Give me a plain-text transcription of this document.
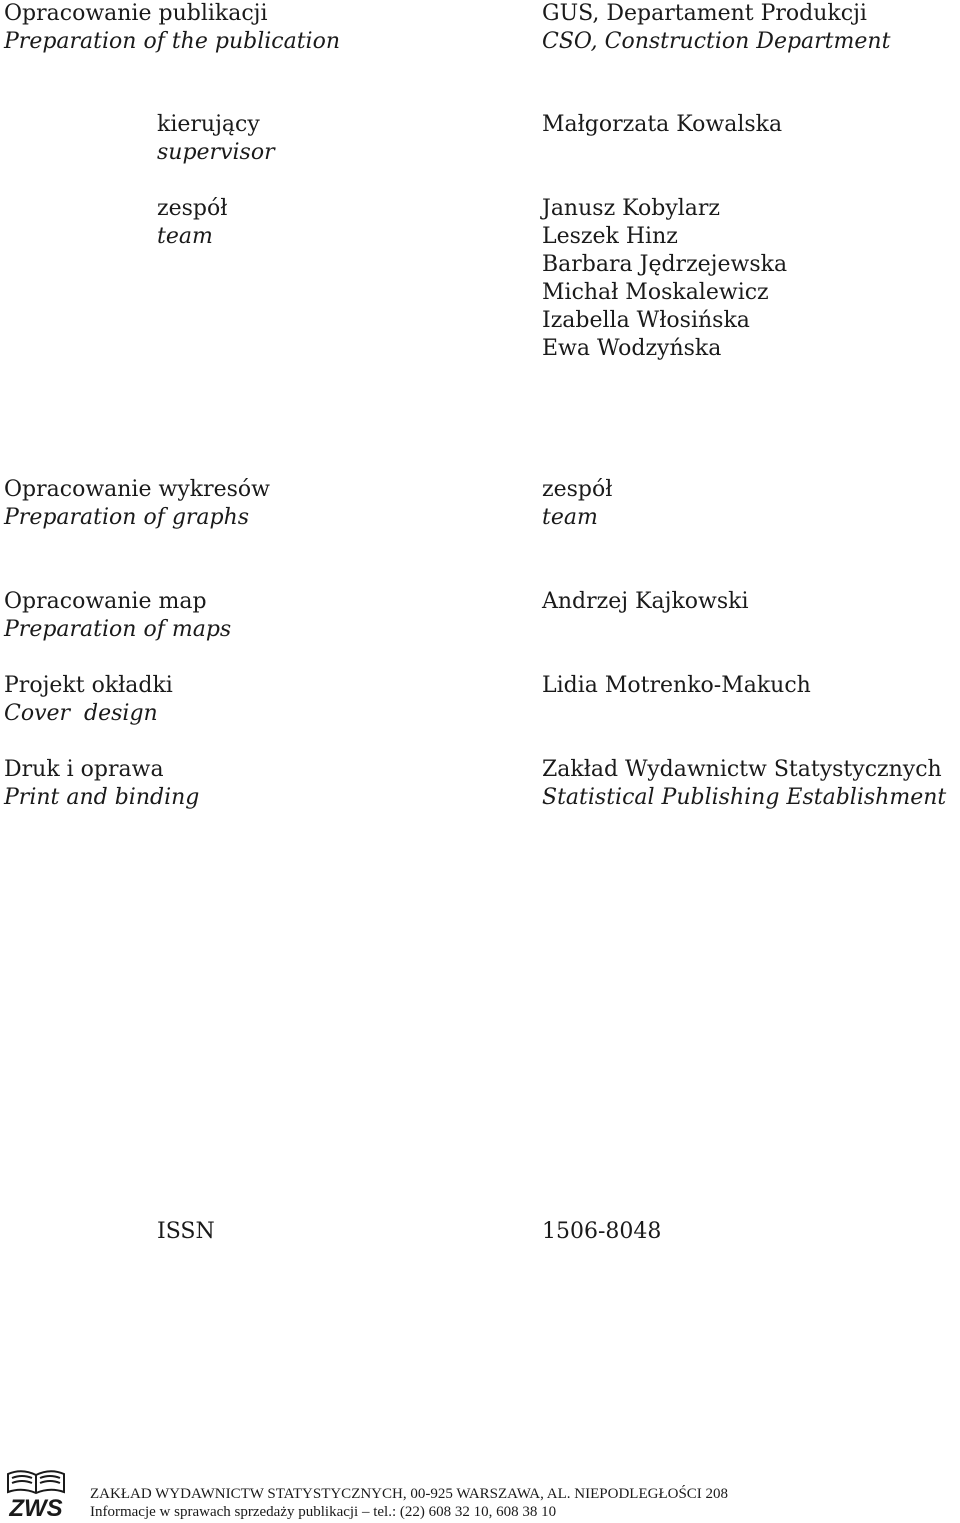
Opracowanie publikacji
Preparation of the publication
GUS, Departament Produkcji
CSO, Construction Department
kierujący
supervisor
Małgorzata Kowalska
zespół
team
Janusz Kobylarz
Leszek Hinz
Barbara Jędrzejewska
Michał Moskalewicz
Izabella Włosińska
Ewa Wodzyńska
Opracowanie wykresów
Preparation of graphs
zespół
team
Opracowanie map
Preparation of maps
Andrzej Kajkowski
Projekt okładki
Cover  design
Lidia Motrenko-Makuch
Druk i oprawa
Print and binding
Zakład Wydawnictw Statystycznych
Statistical Publishing Establishment
ISSN	1506-8048
ZWS
ZAKŁAD WYDAWNICTW STATYSTYCZNYCH, 00-925 WARSZAWA, AL. NIEPODLEGŁOŚCI 208
Informacje w sprawach sprzedaży publikacji – tel.: (22) 608 32 10, 608 38 10
